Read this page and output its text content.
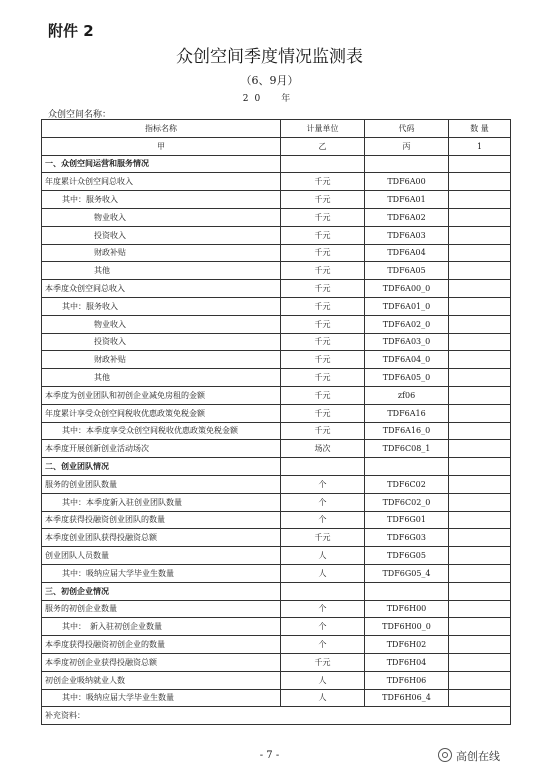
附件 2
众创空间季度情况监测表
（6、9月）
20　年
众创空间名称：
指标名称	计量单位	代码	数 量
甲	乙	丙	1
一、众创空间运营和服务情况			
年度累计众创空间总收入	千元	TDF6A00	
其中：服务收入	千元	TDF6A01	
物业收入	千元	TDF6A02	
投资收入	千元	TDF6A03	
财政补贴	千元	TDF6A04	
其他	千元	TDF6A05	
本季度众创空间总收入	千元	TDF6A00_0	
其中：服务收入	千元	TDF6A01_0	
物业收入	千元	TDF6A02_0	
投资收入	千元	TDF6A03_0	
财政补贴	千元	TDF6A04_0	
其他	千元	TDF6A05_0	
本季度为创业团队和初创企业减免房租的金额	千元	zf06	
年度累计享受众创空间税收优惠政策免税金额	千元	TDF6A16	
其中：本季度享受众创空间税收优惠政策免税金额	千元	TDF6A16_0	
本季度开展创新创业活动场次	场次	TDF6C08_1	
二、创业团队情况			
服务的创业团队数量	个	TDF6C02	
其中：本季度新入驻创业团队数量	个	TDF6C02_0	
本季度获得投融资创业团队的数量	个	TDF6G01	
本季度创业团队获得投融资总额	千元	TDF6G03	
创业团队人员数量	人	TDF6G05	
其中：吸纳应届大学毕业生数量	人	TDF6G05_4	
三、初创企业情况			
服务的初创企业数量	个	TDF6H00	
其中：　新入驻初创企业数量	个	TDF6H00_0	
本季度获得投融资初创企业的数量	个	TDF6H02	
本季度初创企业获得投融资总额	千元	TDF6H04	
初创企业吸纳就业人数	人	TDF6H06	
其中：吸纳应届大学毕业生数量	人	TDF6H06_4	
补充资料：			
- 7 -	高创在线
